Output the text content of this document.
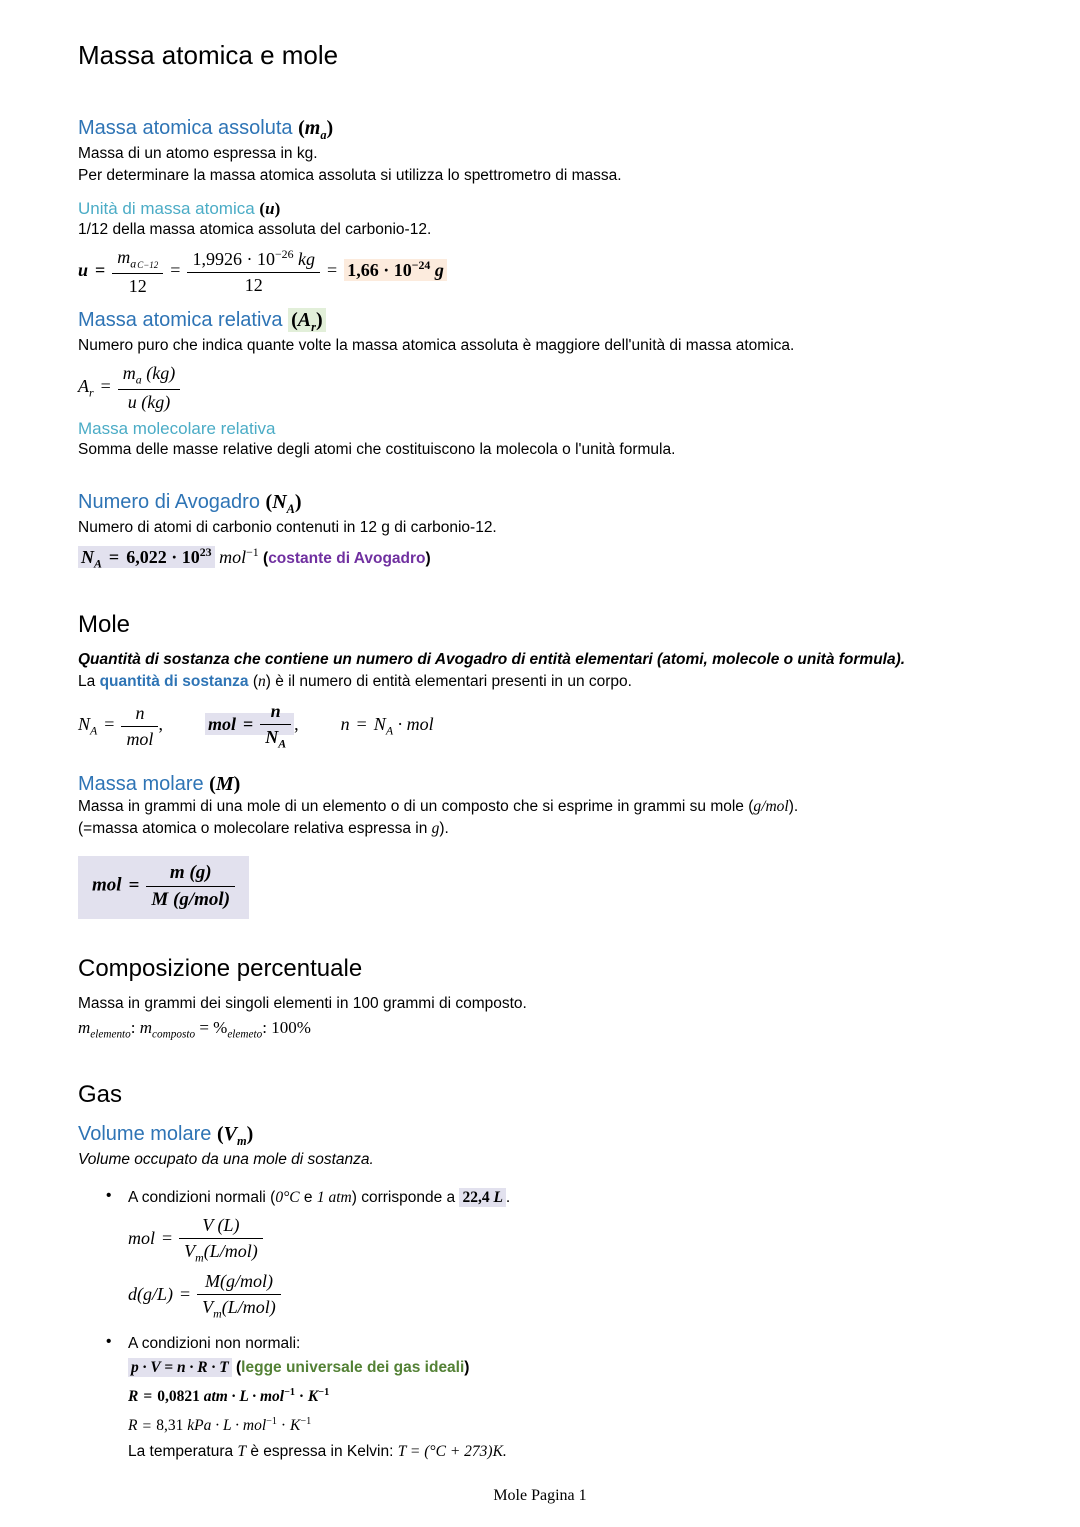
Massa atomica e mole
Massa atomica assoluta $(m_a)$

Massa di un atomo espressa in kg.

Per determinare la massa atomica assoluta si utilizza lo spettrometro di massa.

Unità di massa atomica (u)

1/12 della massa atomica assoluta del carbonio-12.

$u = \frac{m_{aC-12}}{12} = \frac{1,9926 \cdot 10^{-26} kg}{12} = 1,66 \cdot 10^{-24}$ g
Massa atomica relativa $(A_r)$

Numero puro che indica quante volte la massa atomica assoluta è maggiore dell'unità di massa atomica.

$A_r = \frac{m_a (kg)}{u (kg)}$
Massa molecolare relativa

Somma delle masse relative degli atomi che costituiscono la molecola o l'unità formula.

Numero di Avogadro $(N_A)$

Numero di atomi di carbonio contenuti in 12 g di carbonio-12.

$N_A = 6,022 \cdot 10^{23}$ mol$^{-1}$ (costante di Avogadro)
Mole

Quantità di sostanza che contiene un numero di Avogadro di entità elementari (atomi, molecole o unità formula).

La quantità di sostanza (n) è il numero di entità elementari presenti in un corpo.

$N_A = \frac{n}{\text{mol}}$ ,	mol = $\frac{n}{N_A}$ , $n = N_A$ · mol
Massa molare (M)

Massa in grammi di una mole di un elemento o di un composto che si esprime in grammi su mole (g/mol).

(=massa atomica o molecolare relativa espressa in g).

mol = $\frac{m (g)}{\text{M (g/mol)}}$
Composizione percentuale

Massa in grammi dei singoli elementi in 100 grammi di composto.

$m_{elemento}$: $m_{composto} = \%_{elemeto}$: 100%
Gas
Volume molare $(V_m)$

Volume occupato da una mole di sostanza.

•	A condizioni normali (0°C e 1 atm) corrisponde a 22,4 L .
mol = $\frac{V (L)}{V_m(L/mol)}$
$d(g/L) = \frac{\text{M(g/mol)}}{V_m(L/mol)}$
•	A condizioni non normali:

p · V = n · R · T (legge universale dei gas ideali)

R = 0,0821 atm · $L \cdot mol^{-1} \cdot K^{-1}$

R = 8,31 kPa · $L \cdot mol^{-1} \cdot K^{-1}$

La temperatura T è espressa in Kelvin: T = (°C + 273)K.

Mole Pagina 1
